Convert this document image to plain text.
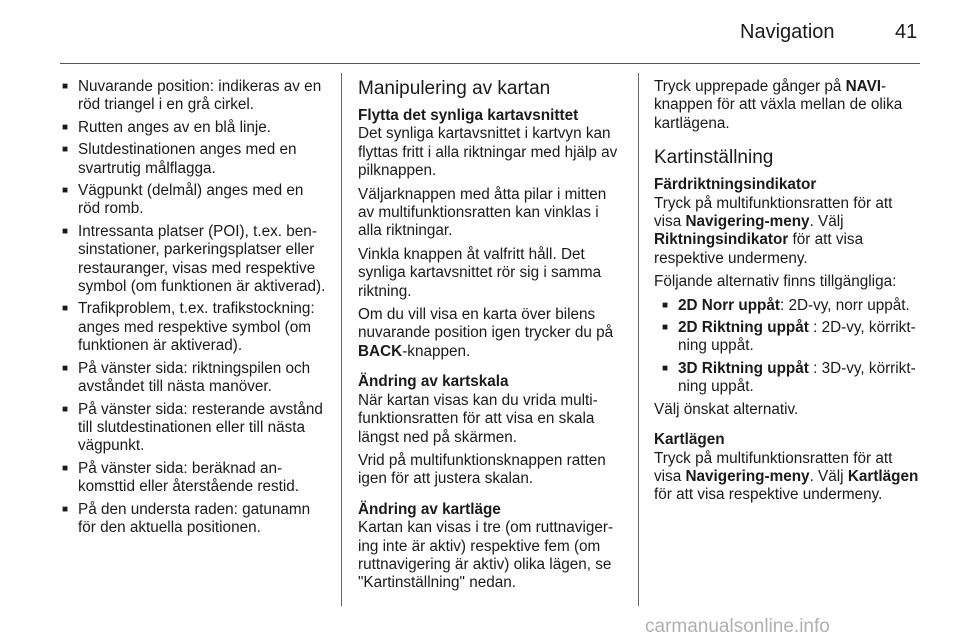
Navigation	41
■ Nuvarande position: indikeras av en röd triangel i en grå cirkel.
■ Rutten anges av en blå linje.
■ Slutdestinationen anges med en svartrutig målflagga.
■ Vägpunkt (delmål) anges med en röd romb.
■ Intressanta platser (POI), t.ex. bensinstationer, parkeringsplatser eller restauranger, visas med respektive symbol (om funktionen är aktiverad).
■ Trafikproblem, t.ex. trafikstockning: anges med respektive symbol (om funktionen är aktiverad).
■ På vänster sida: riktningspilen och avståndet till nästa manöver.
■ På vänster sida: resterande avstånd till slutdestinationen eller till nästa vägpunkt.
■ På vänster sida: beräknad ankomsttid eller återstående restid.
■ På den understa raden: gatunamn för den aktuella positionen.
Manipulering av kartan
Flytta det synliga kartavsnittet

Det synliga kartavsnittet i kartvyn kan flyttas fritt i alla riktningar med hjälp av pilknappen.

Väljarknappen med åtta pilar i mitten av multifunktionsratten kan vinklas i alla riktningar.

Vinkla knappen åt valfritt håll. Det synliga kartavsnittet rör sig i samma riktning.

Om du vill visa en karta över bilens nuvarande position igen trycker du på BACK-knappen.

Ändring av kartskala

När kartan visas kan du vrida multifunktionsratten för att visa en skala längst ned på skärmen.

Vrid på multifunktionsknappen ratten igen för att justera skalan.

Ändring av kartläge

Kartan kan visas i tre (om ruttnavigering inte är aktiv) respektive fem (om ruttnavigering är aktiv) olika lägen, se "Kartinställning" nedan.

Tryck upprepade gånger på NAVI-knappen för att växla mellan de olika kartlägena.

Kartinställning
Färdriktningsindikator

Tryck på multifunktionsratten för att visa Navigering-meny. Välj Riktningsindikator för att visa respektive undermeny.

Följande alternativ finns tillgängliga:

■ 2D Norr uppåt: 2D-vy, norr uppåt.
■ 2D Riktning uppåt : 2D-vy, körriktning uppåt.
■ 3D Riktning uppåt : 3D-vy, körriktning uppåt.

Välj önskat alternativ.

Kartlägen

Tryck på multifunktionsratten för att visa Navigering-meny. Välj Kartlägen för att visa respektive undermeny.

carmanualsonline.info
